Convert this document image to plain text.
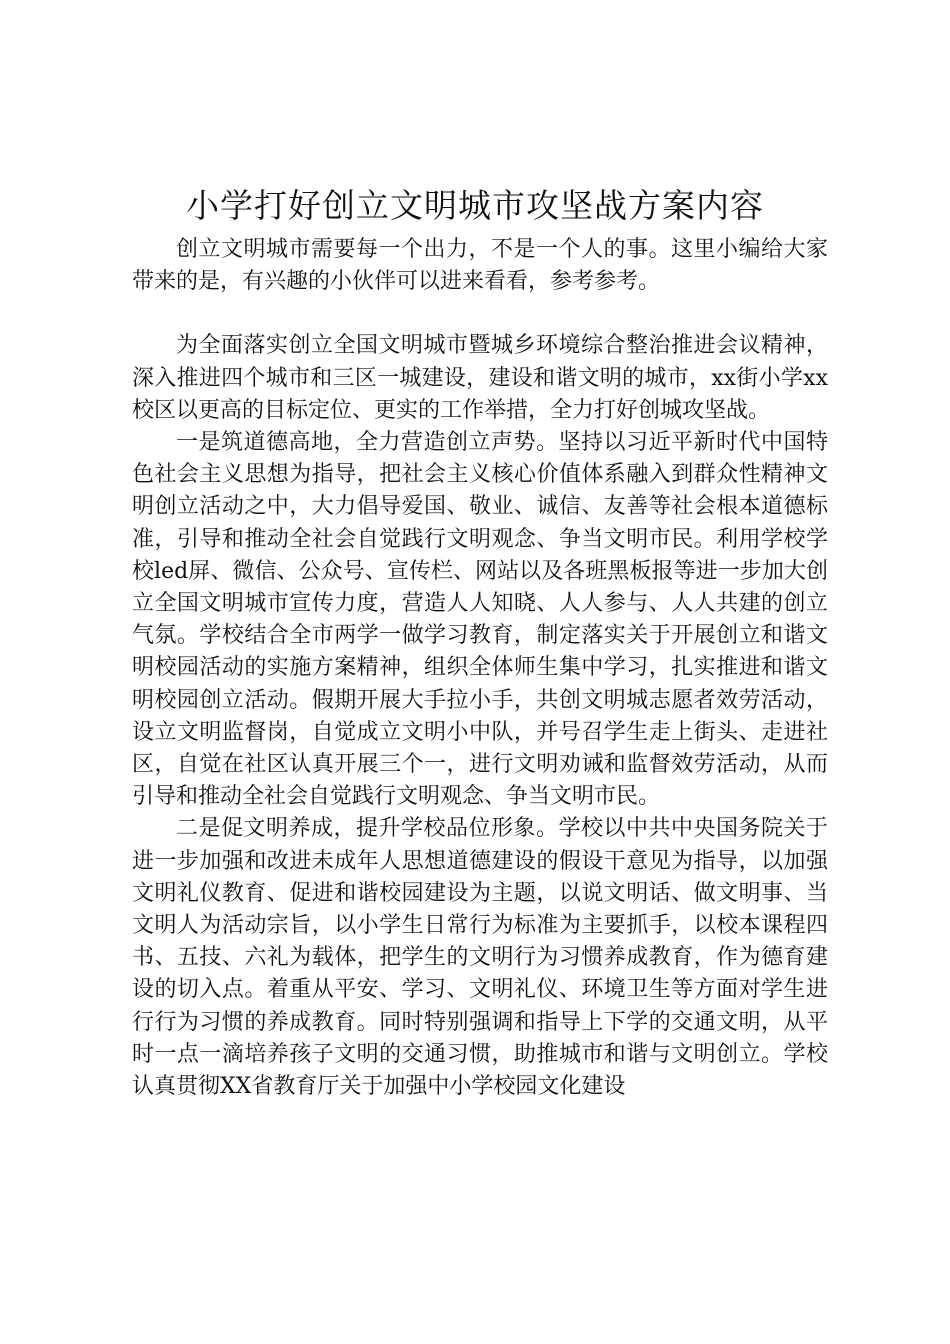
小学打好创立文明城市攻坚战方案内容

创立文明城市需要每一个出力，不是一个人的事。这里小编给大家带来的是，有兴趣的小伙伴可以进来看看，参考参考。

为全面落实创立全国文明城市暨城乡环境综合整治推进会议精神，深入推进四个城市和三区一城建设，建设和谐文明的城市，xx街小学xx校区以更高的目标定位、更实的工作举措，全力打好创城攻坚战。

一是筑道德高地，全力营造创立声势。坚持以习近平新时代中国特色社会主义思想为指导，把社会主义核心价值体系融入到群众性精神文明创立活动之中，大力倡导爱国、敬业、诚信、友善等社会根本道德标准，引导和推动全社会自觉践行文明观念、争当文明市民。利用学校学校led屏、微信、公众号、宣传栏、网站以及各班黑板报等进一步加大创立全国文明城市宣传力度，营造人人知晓、人人参与、人人共建的创立气氛。学校结合全市两学一做学习教育，制定落实关于开展创立和谐文明校园活动的实施方案精神，组织全体师生集中学习，扎实推进和谐文明校园创立活动。假期开展大手拉小手，共创文明城志愿者效劳活动，设立文明监督岗，自觉成立文明小中队，并号召学生走上街头、走进社区，自觉在社区认真开展三个一，进行文明劝诫和监督效劳活动，从而引导和推动全社会自觉践行文明观念、争当文明市民。

二是促文明养成，提升学校品位形象。学校以中共中央国务院关于进一步加强和改进未成年人思想道德建设的假设干意见为指导，以加强文明礼仪教育、促进和谐校园建设为主题，以说文明话、做文明事、当文明人为活动宗旨，以小学生日常行为标准为主要抓手，以校本课程四书、五技、六礼为载体，把学生的文明行为习惯养成教育，作为德育建设的切入点。着重从平安、学习、文明礼仪、环境卫生等方面对学生进行行为习惯的养成教育。同时特别强调和指导上下学的交通文明，从平时一点一滴培养孩子文明的交通习惯，助推城市和谐与文明创立。学校认真贯彻XX省教育厅关于加强中小学校园文化建设
